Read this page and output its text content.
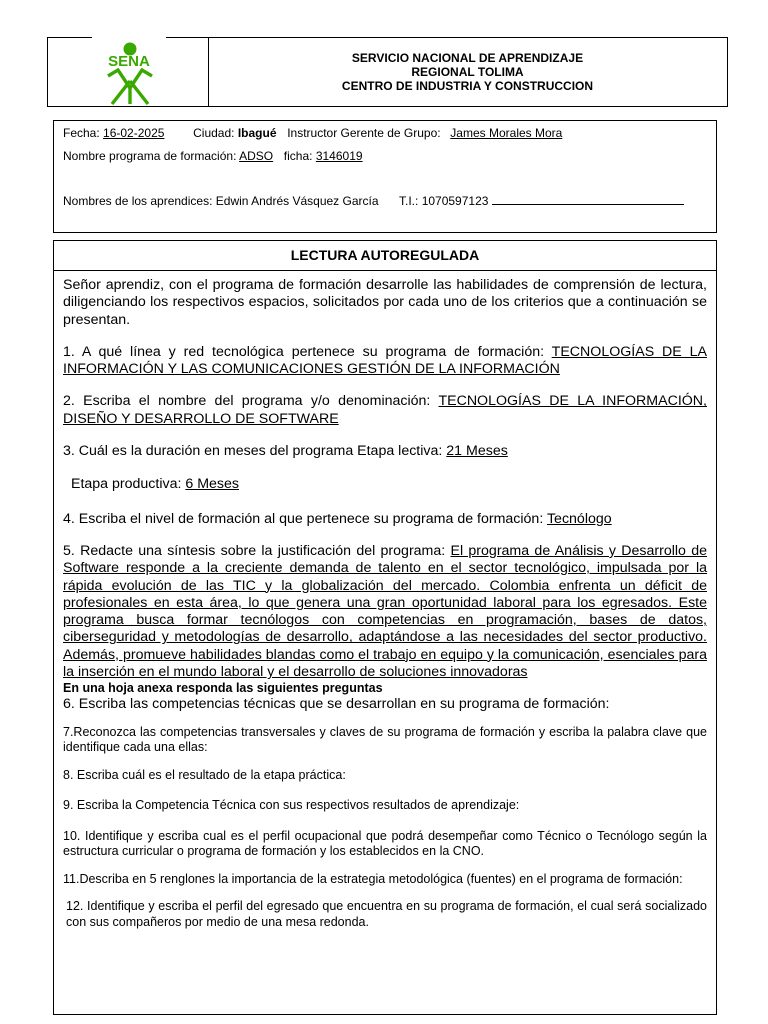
SENA	SERVICIO NACIONAL DE APRENDIZAJE
REGIONAL TOLIMA
CENTRO DE INDUSTRIA Y CONSTRUCCION
Fecha: 16-02-2025 Ciudad: Ibagué Instructor Gerente de Grupo: James Morales Mora
Nombre programa de formación: ADSO ficha: 3146019
Nombres de los aprendices: Edwin Andrés Vásquez García T.I.: 1070597123
LECTURA AUTOREGULADA

Señor aprendiz, con el programa de formación desarrolle las habilidades de comprensión de lectura, diligenciando los respectivos espacios, solicitados por cada uno de los criterios que a continuación se presentan.

1. A qué línea y red tecnológica pertenece su programa de formación: TECNOLOGÍAS DE LA INFORMACIÓN Y LAS COMUNICACIONES GESTIÓN DE LA INFORMACIÓN

2. Escriba el nombre del programa y/o denominación: TECNOLOGÍAS DE LA INFORMACIÓN, DISEÑO Y DESARROLLO DE SOFTWARE

3. Cuál es la duración en meses del programa Etapa lectiva: 21 Meses

Etapa productiva: 6 Meses

4. Escriba el nivel de formación al que pertenece su programa de formación: Tecnólogo

5. Redacte una síntesis sobre la justificación del programa: El programa de Análisis y Desarrollo de Software responde a la creciente demanda de talento en el sector tecnológico, impulsada por la rápida evolución de las TIC y la globalización del mercado. Colombia enfrenta un déficit de profesionales en esta área, lo que genera una gran oportunidad laboral para los egresados. Este programa busca formar tecnólogos con competencias en programación, bases de datos, ciberseguridad y metodologías de desarrollo, adaptándose a las necesidades del sector productivo. Además, promueve habilidades blandas como el trabajo en equipo y la comunicación, esenciales para la inserción en el mundo laboral y el desarrollo de soluciones innovadoras

En una hoja anexa responda las siguientes preguntas

6. Escriba las competencias técnicas que se desarrollan en su programa de formación:

7.Reconozca las competencias transversales y claves de su programa de formación y escriba la palabra clave que identifique cada una ellas:

8. Escriba cuál es el resultado de la etapa práctica:

9. Escriba la Competencia Técnica con sus respectivos resultados de aprendizaje:

10. Identifique y escriba cual es el perfil ocupacional que podrá desempeñar como Técnico o Tecnólogo según la estructura curricular o programa de formación y los establecidos en la CNO.

11.Describa en 5 renglones la importancia de la estrategia metodológica (fuentes) en el programa de formación:

12. Identifique y escriba el perfil del egresado que encuentra en su programa de formación, el cual será socializado con sus compañeros por medio de una mesa redonda.
